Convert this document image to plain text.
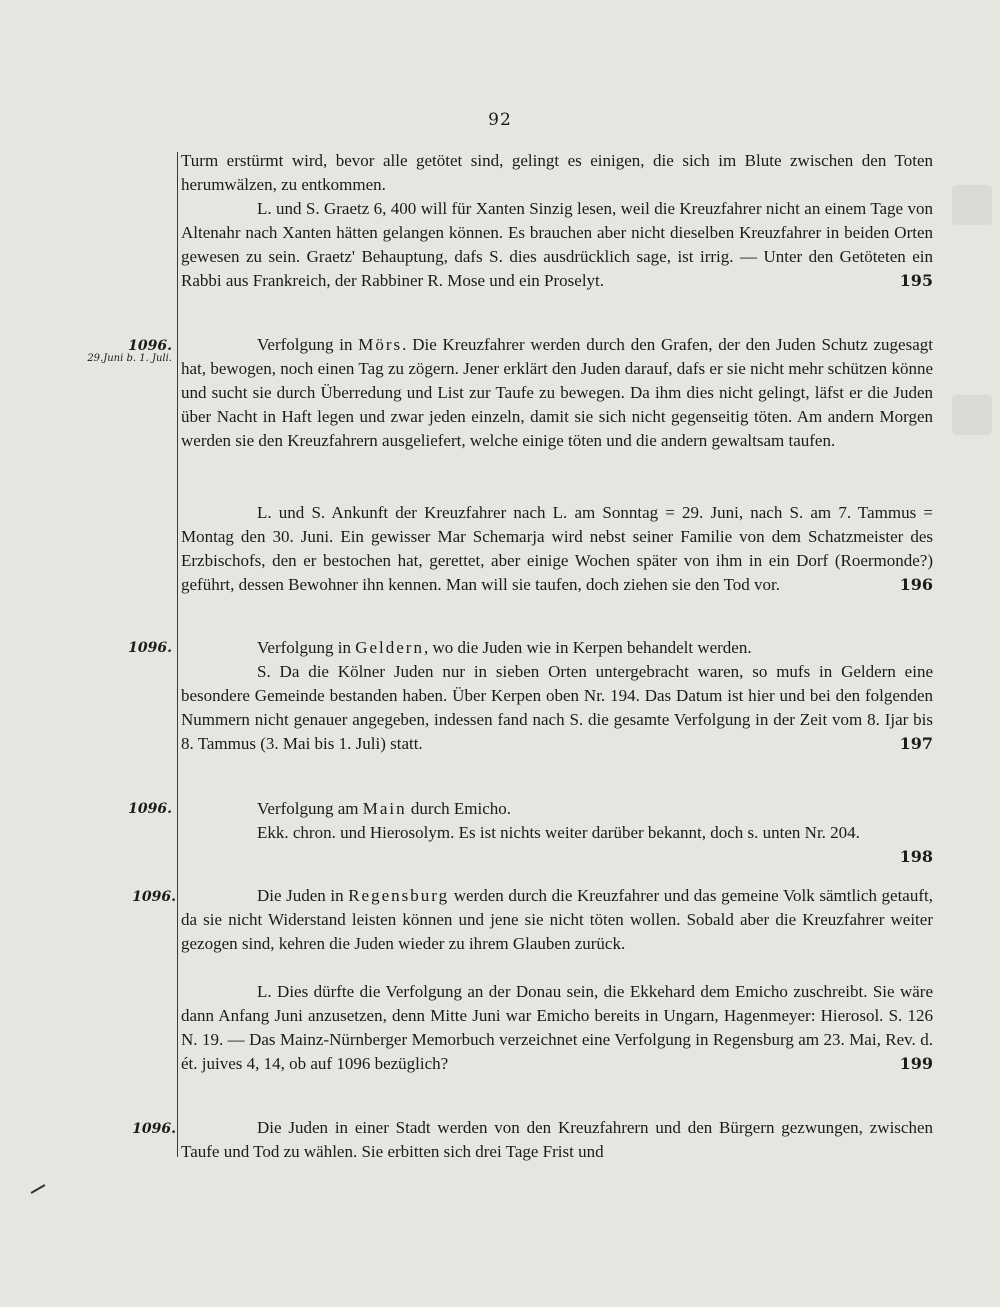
92

Turm erstürmt wird, bevor alle getötet sind, gelingt es einigen, die sich im Blute zwischen den Toten herumwälzen, zu entkommen.

L. und S. Graetz 6, 400 will für Xanten Sinzig lesen, weil die Kreuzfahrer nicht an einem Tage von Altenahr nach Xanten hätten gelangen können. Es brauchen aber nicht dieselben Kreuzfahrer in beiden Orten gewesen zu sein. Graetz' Behauptung, dafs S. dies ausdrücklich sage, ist irrig. — Unter den Getöteten ein Rabbi aus Frankreich, der Rabbiner R. Mose und ein Proselyt.	195

1096.
29.Juni b. 1. Juli.

Verfolgung in Mörs. Die Kreuzfahrer werden durch den Grafen, der den Juden Schutz zugesagt hat, bewogen, noch einen Tag zu zögern. Jener erklärt den Juden darauf, dafs er sie nicht mehr schützen könne und sucht sie durch Überredung und List zur Taufe zu bewegen. Da ihm dies nicht gelingt, läfst er die Juden über Nacht in Haft legen und zwar jeden einzeln, damit sie sich nicht gegenseitig töten. Am andern Morgen werden sie den Kreuzfahrern ausgeliefert, welche einige töten und die andern gewaltsam taufen.

L. und S. Ankunft der Kreuzfahrer nach L. am Sonntag = 29. Juni, nach S. am 7. Tammus = Montag den 30. Juni. Ein gewisser Mar Schemarja wird nebst seiner Familie von dem Schatzmeister des Erzbischofs, den er bestochen hat, gerettet, aber einige Wochen später von ihm in ein Dorf (Roermonde?) geführt, dessen Bewohner ihn kennen. Man will sie taufen, doch ziehen sie den Tod vor.	196

1096.	Verfolgung in Geldern, wo die Juden wie in Kerpen behandelt werden.

S. Da die Kölner Juden nur in sieben Orten untergebracht waren, so mufs in Geldern eine besondere Gemeinde bestanden haben. Über Kerpen oben Nr. 194. Das Datum ist hier und bei den folgenden Nummern nicht genauer angegeben, indessen fand nach S. die gesamte Verfolgung in der Zeit vom 8. Ijar bis 8. Tammus (3. Mai bis 1. Juli) statt.	197

1096.	Verfolgung am Main durch Emicho.

Ekk. chron. und Hierosolym. Es ist nichts weiter darüber bekannt, doch s. unten Nr. 204.
198

1096.	Die Juden in Regensburg werden durch die Kreuzfahrer und das gemeine Volk sämtlich getauft, da sie nicht Widerstand leisten können und jene sie nicht töten wollen. Sobald aber die Kreuzfahrer weiter gezogen sind, kehren die Juden wieder zu ihrem Glauben zurück.

L. Dies dürfte die Verfolgung an der Donau sein, die Ekkehard dem Emicho zuschreibt. Sie wäre dann Anfang Juni anzusetzen, denn Mitte Juni war Emicho bereits in Ungarn, Hagenmeyer: Hierosol. S. 126 N. 19. — Das Mainz-Nürnberger Memorbuch verzeichnet eine Verfolgung in Regensburg am 23. Mai, Rev. d. ét. juives 4, 14, ob auf 1096 bezüglich?	199

1096.	Die Juden in einer Stadt werden von den Kreuzfahrern und den Bürgern gezwungen, zwischen Taufe und Tod zu wählen. Sie erbitten sich drei Tage Frist und
